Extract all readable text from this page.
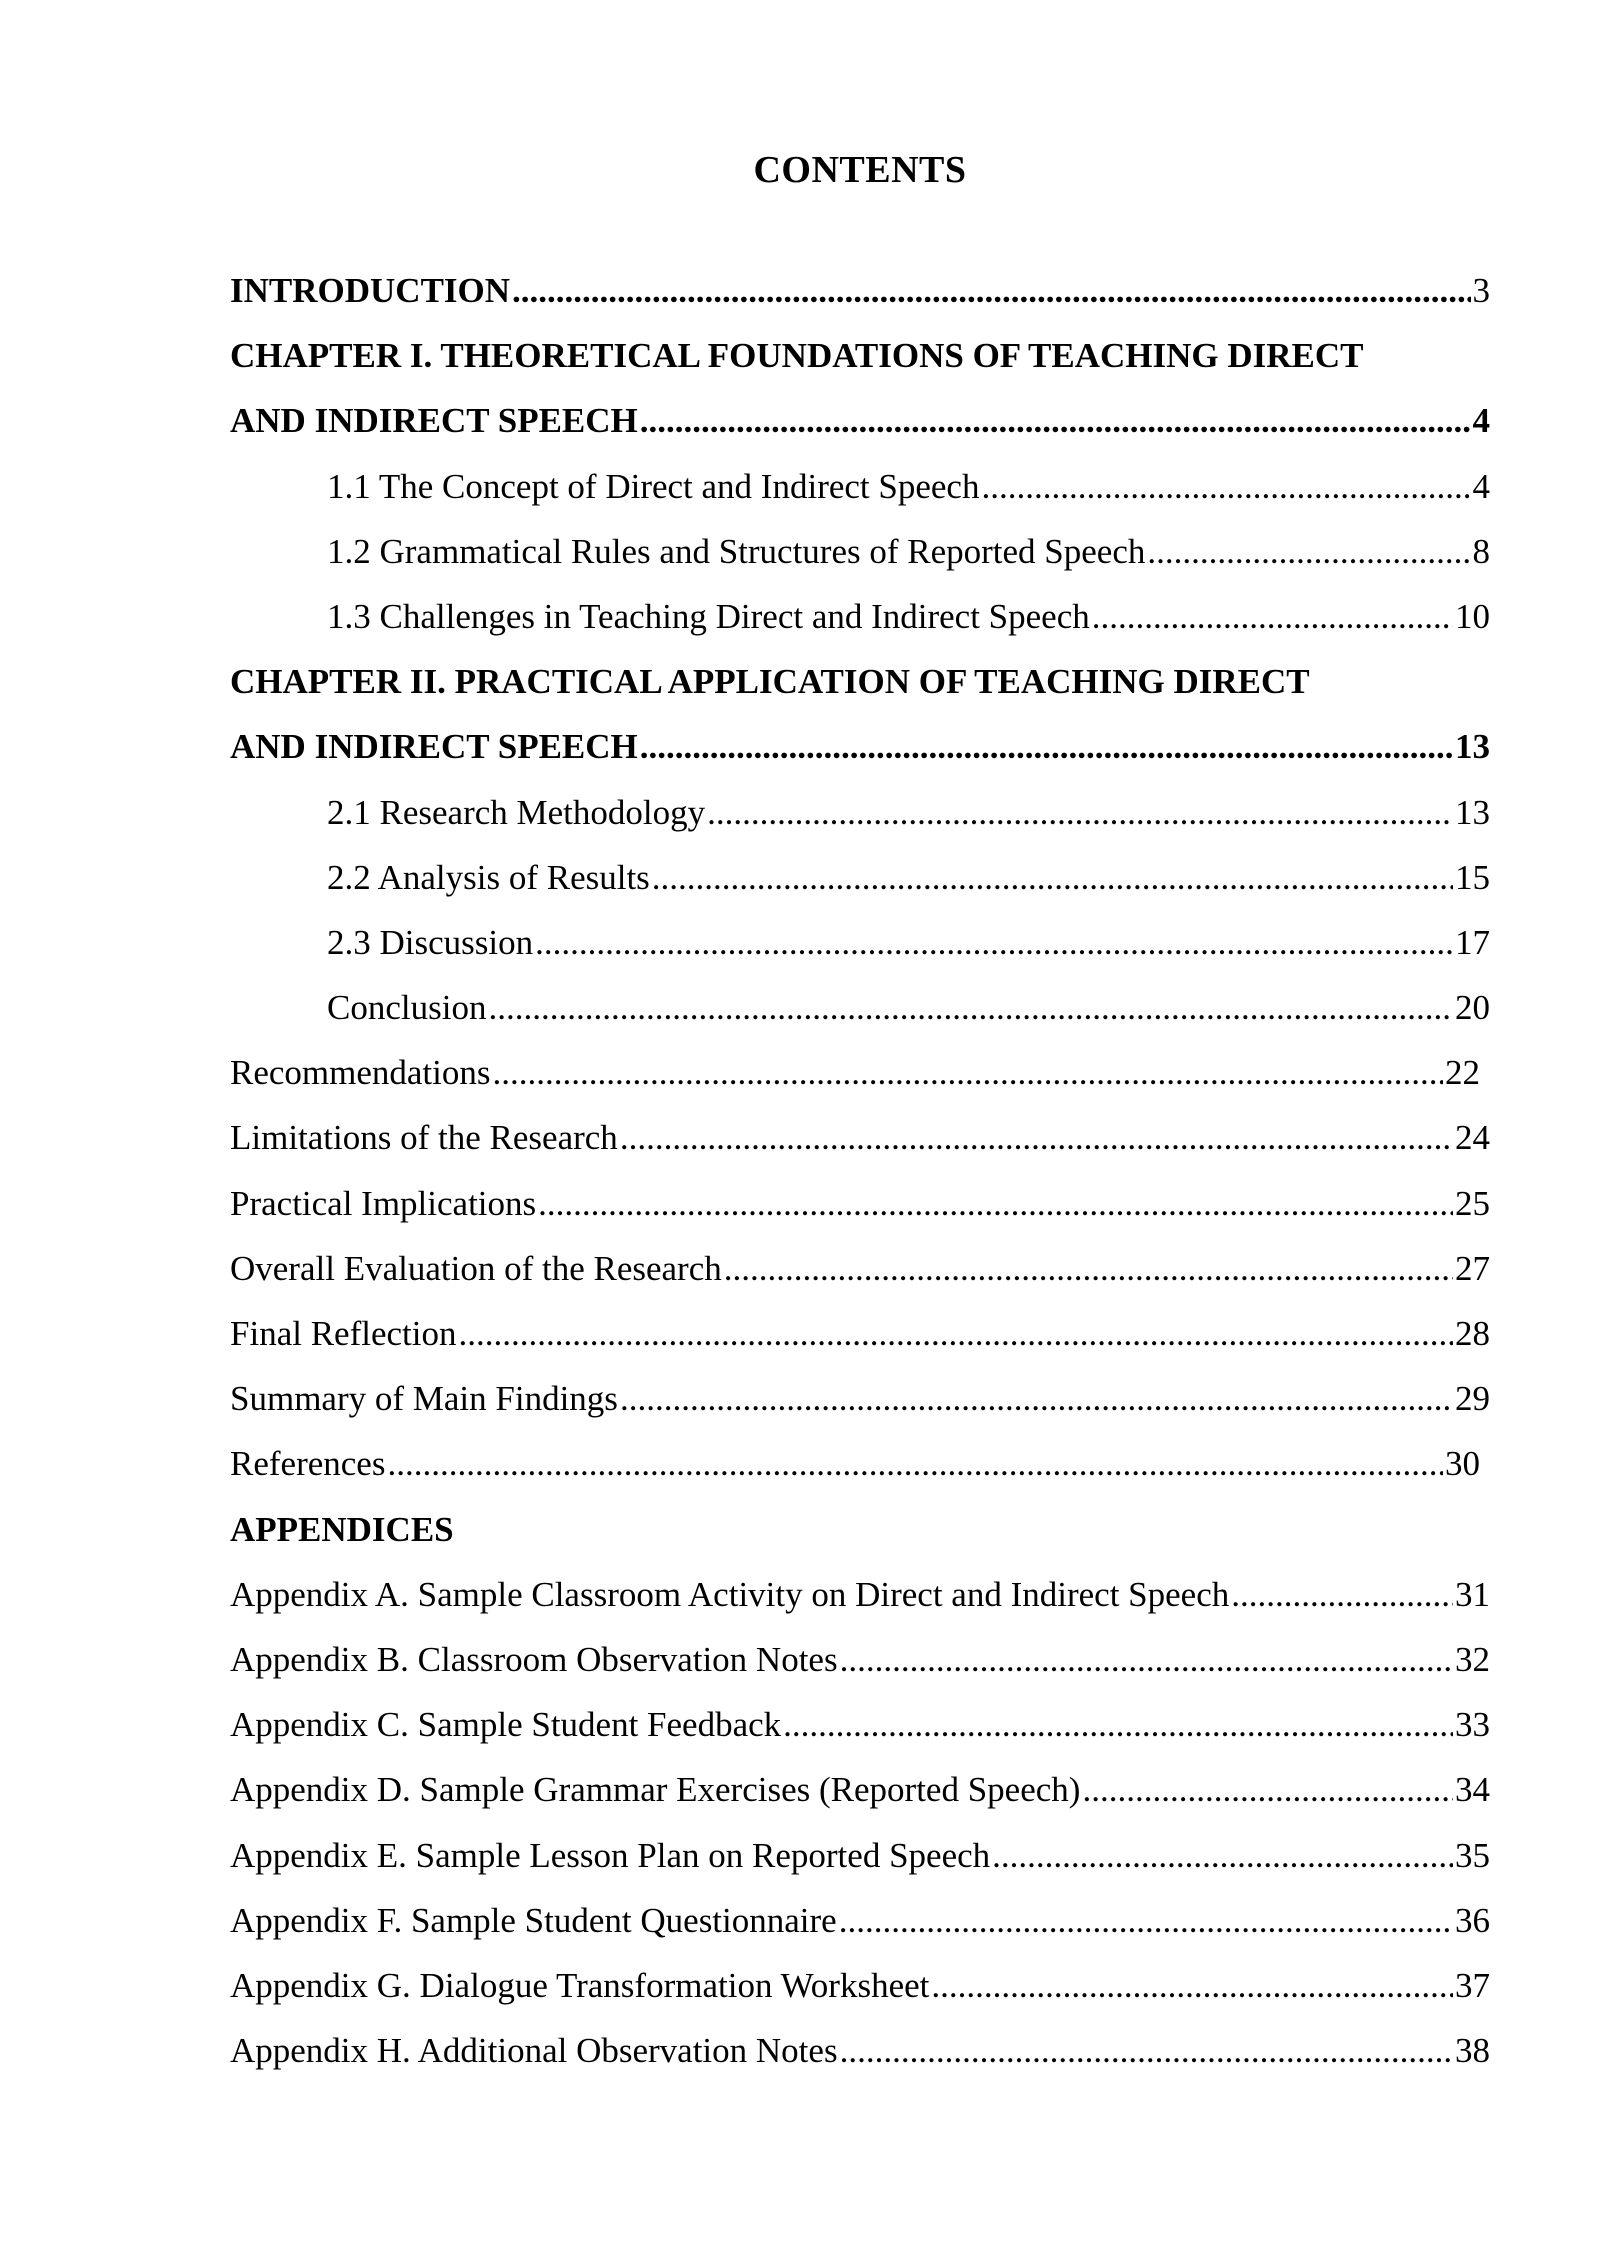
CONTENTS
INTRODUCTION .....	3
CHAPTER I. THEORETICAL FOUNDATIONS OF TEACHING DIRECT
AND INDIRECT SPEECH .....	4
1.1 The Concept of Direct and Indirect Speech .....	4
1.2 Grammatical Rules and Structures of Reported Speech .....	8
1.3 Challenges in Teaching Direct and Indirect Speech .....	10
CHAPTER II. PRACTICAL APPLICATION OF TEACHING DIRECT
AND INDIRECT SPEECH .....	13
2.1 Research Methodology .....	13
2.2 Analysis of Results .....	15
2.3 Discussion .....	17
Conclusion .....	20
Recommendations .....	22
Limitations of the Research .....	24
Practical Implications .....	25
Overall Evaluation of the Research .....	27
Final Reflection .....	28
Summary of Main Findings .....	29
References .....	30
APPENDICES
Appendix A. Sample Classroom Activity on Direct and Indirect Speech .....	31
Appendix B. Classroom Observation Notes .....	32
Appendix C. Sample Student Feedback .....	33
Appendix D. Sample Grammar Exercises (Reported Speech) .....	34
Appendix E. Sample Lesson Plan on Reported Speech .....	35
Appendix F. Sample Student Questionnaire .....	36
Appendix G. Dialogue Transformation Worksheet .....	37
Appendix H. Additional Observation Notes .....	38
